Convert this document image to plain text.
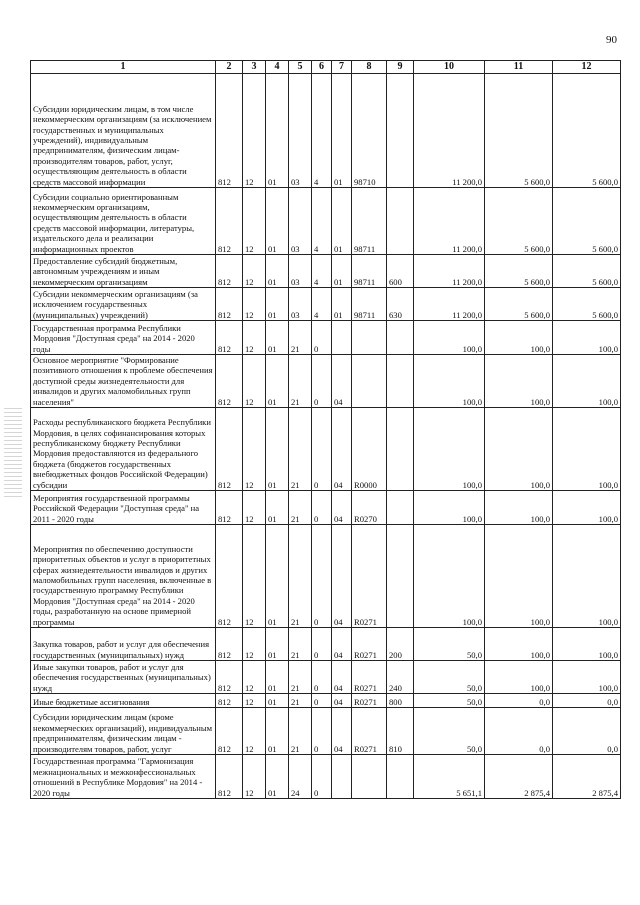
90
1	2	3	4	5	6	7	8	9	10	11	12
Субсидии юридическим лицам, в том числе некоммерческим организациям (за исключением государственных и муниципальных учреждений), индивидуальным предпринимателям, физическим лицам- производителям товаров, работ, услуг, осуществляющим деятельность в области средств массовой информации	812	12	01	03	4	01	98710		11 200,0	5 600,0	5 600,0
Субсидии социально ориентированным некоммерческим организациям, осуществляющим деятельность в области средств массовой информации, литературы, издательского дела и реализации информационных проектов	812	12	01	03	4	01	98711		11 200,0	5 600,0	5 600,0
Предоставление субсидий бюджетным, автономным учреждениям и иным некоммерческим организациям	812	12	01	03	4	01	98711	600	11 200,0	5 600,0	5 600,0
Субсидии некоммерческим организациям (за исключением государственных (муниципальных) учреждений)	812	12	01	03	4	01	98711	630	11 200,0	5 600,0	5 600,0
Государственная программа Республики Мордовия "Доступная среда" на 2014 - 2020 годы	812	12	01	21	0				100,0	100,0	100,0
Основное мероприятие "Формирование позитивного отношения к проблеме обеспечения доступной среды жизнедеятельности для инвалидов и других маломобильных групп населения"	812	12	01	21	0	04			100,0	100,0	100,0
Расходы республиканского бюджета Республики Мордовия, в целях софинансирования которых республиканскому бюджету Республики Мордовия предоставляются из федерального бюджета (бюджетов государственных внебюджетных фондов Российской Федерации) субсидии	812	12	01	21	0	04	R0000		100,0	100,0	100,0
Мероприятия государственной программы Российской Федерации "Доступная среда" на 2011 - 2020 годы	812	12	01	21	0	04	R0270		100,0	100,0	100,0
Мероприятия по обеспечению доступности приоритетных объектов и услуг в приоритетных сферах жизнедеятельности инвалидов и других маломобильных групп населения, включенные в государственную программу Республики Мордовия "Доступная среда" на 2014 - 2020 годы, разработанную на основе примерной программы	812	12	01	21	0	04	R0271		100,0	100,0	100,0
Закупка товаров, работ и услуг для обеспечения государственных (муниципальных) нужд	812	12	01	21	0	04	R0271	200	50,0	100,0	100,0
Иные закупки товаров, работ и услуг для обеспечения государственных (муниципальных) нужд	812	12	01	21	0	04	R0271	240	50,0	100,0	100,0
Иные бюджетные ассигнования	812	12	01	21	0	04	R0271	800	50,0	0,0	0,0
Субсидии юридическим лицам (кроме некоммерческих организаций), индивидуальным предпринимателям, физическим лицам - производителям товаров, работ, услуг	812	12	01	21	0	04	R0271	810	50,0	0,0	0,0
Государственная программа "Гармонизация межнациональных и межконфессиональных отношений в Республике Мордовия" на 2014 - 2020 годы	812	12	01	24	0				5 651,1	2 875,4	2 875,4
